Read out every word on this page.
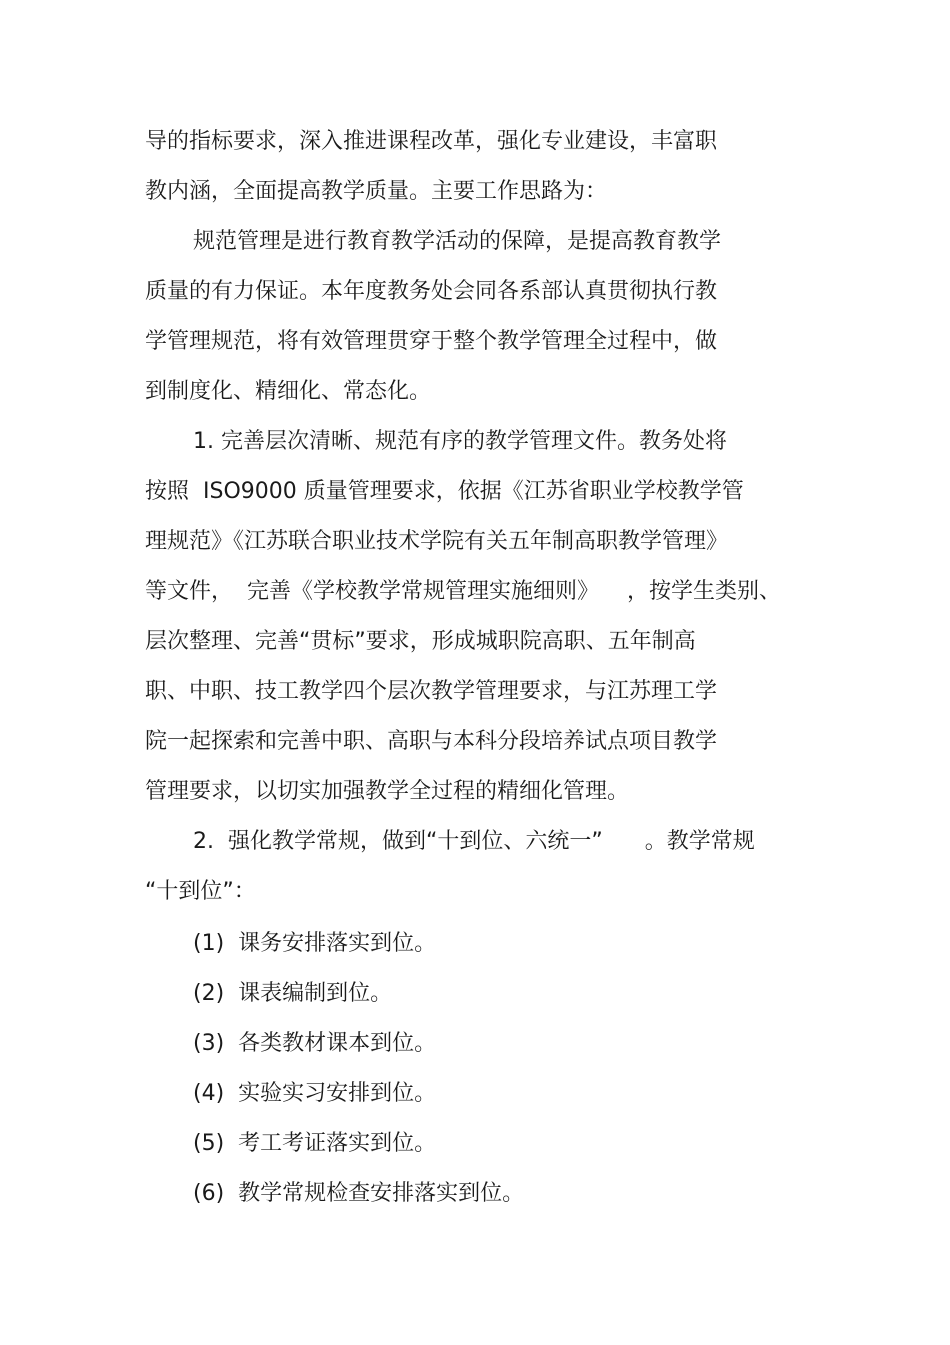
导的指标要求，深入推进课程改革，强化专业建设，丰富职
教内涵，全面提高教学质量。主要工作思路为：
规范管理是进行教育教学活动的保障，是提高教育教学
质量的有力保证。本年度教务处会同各系部认真贯彻执行教
学管理规范，将有效管理贯穿于整个教学管理全过程中，做
到制度化、精细化、常态化。
1. 完善层次清晰、规范有序的教学管理文件。教务处将
按照  ISO9000 质量管理要求，依据《江苏省职业学校教学管
理规范》《江苏联合职业技术学院有关五年制高职教学管理》
等文件，  完善《学校教学常规管理实施细则》    ，按学生类别、
层次整理、完善“贯标”要求，形成城职院高职、五年制高
职、中职、技工教学四个层次教学管理要求，与江苏理工学
院一起探索和完善中职、高职与本科分段培养试点项目教学
管理要求，以切实加强教学全过程的精细化管理。
2.  强化教学常规，做到“十到位、六统一”      。教学常规
“十到位”：
(1)  课务安排落实到位。
(2)  课表编制到位。
(3)  各类教材课本到位。
(4)  实验实习安排到位。
(5)  考工考证落实到位。
(6)  教学常规检查安排落实到位。
